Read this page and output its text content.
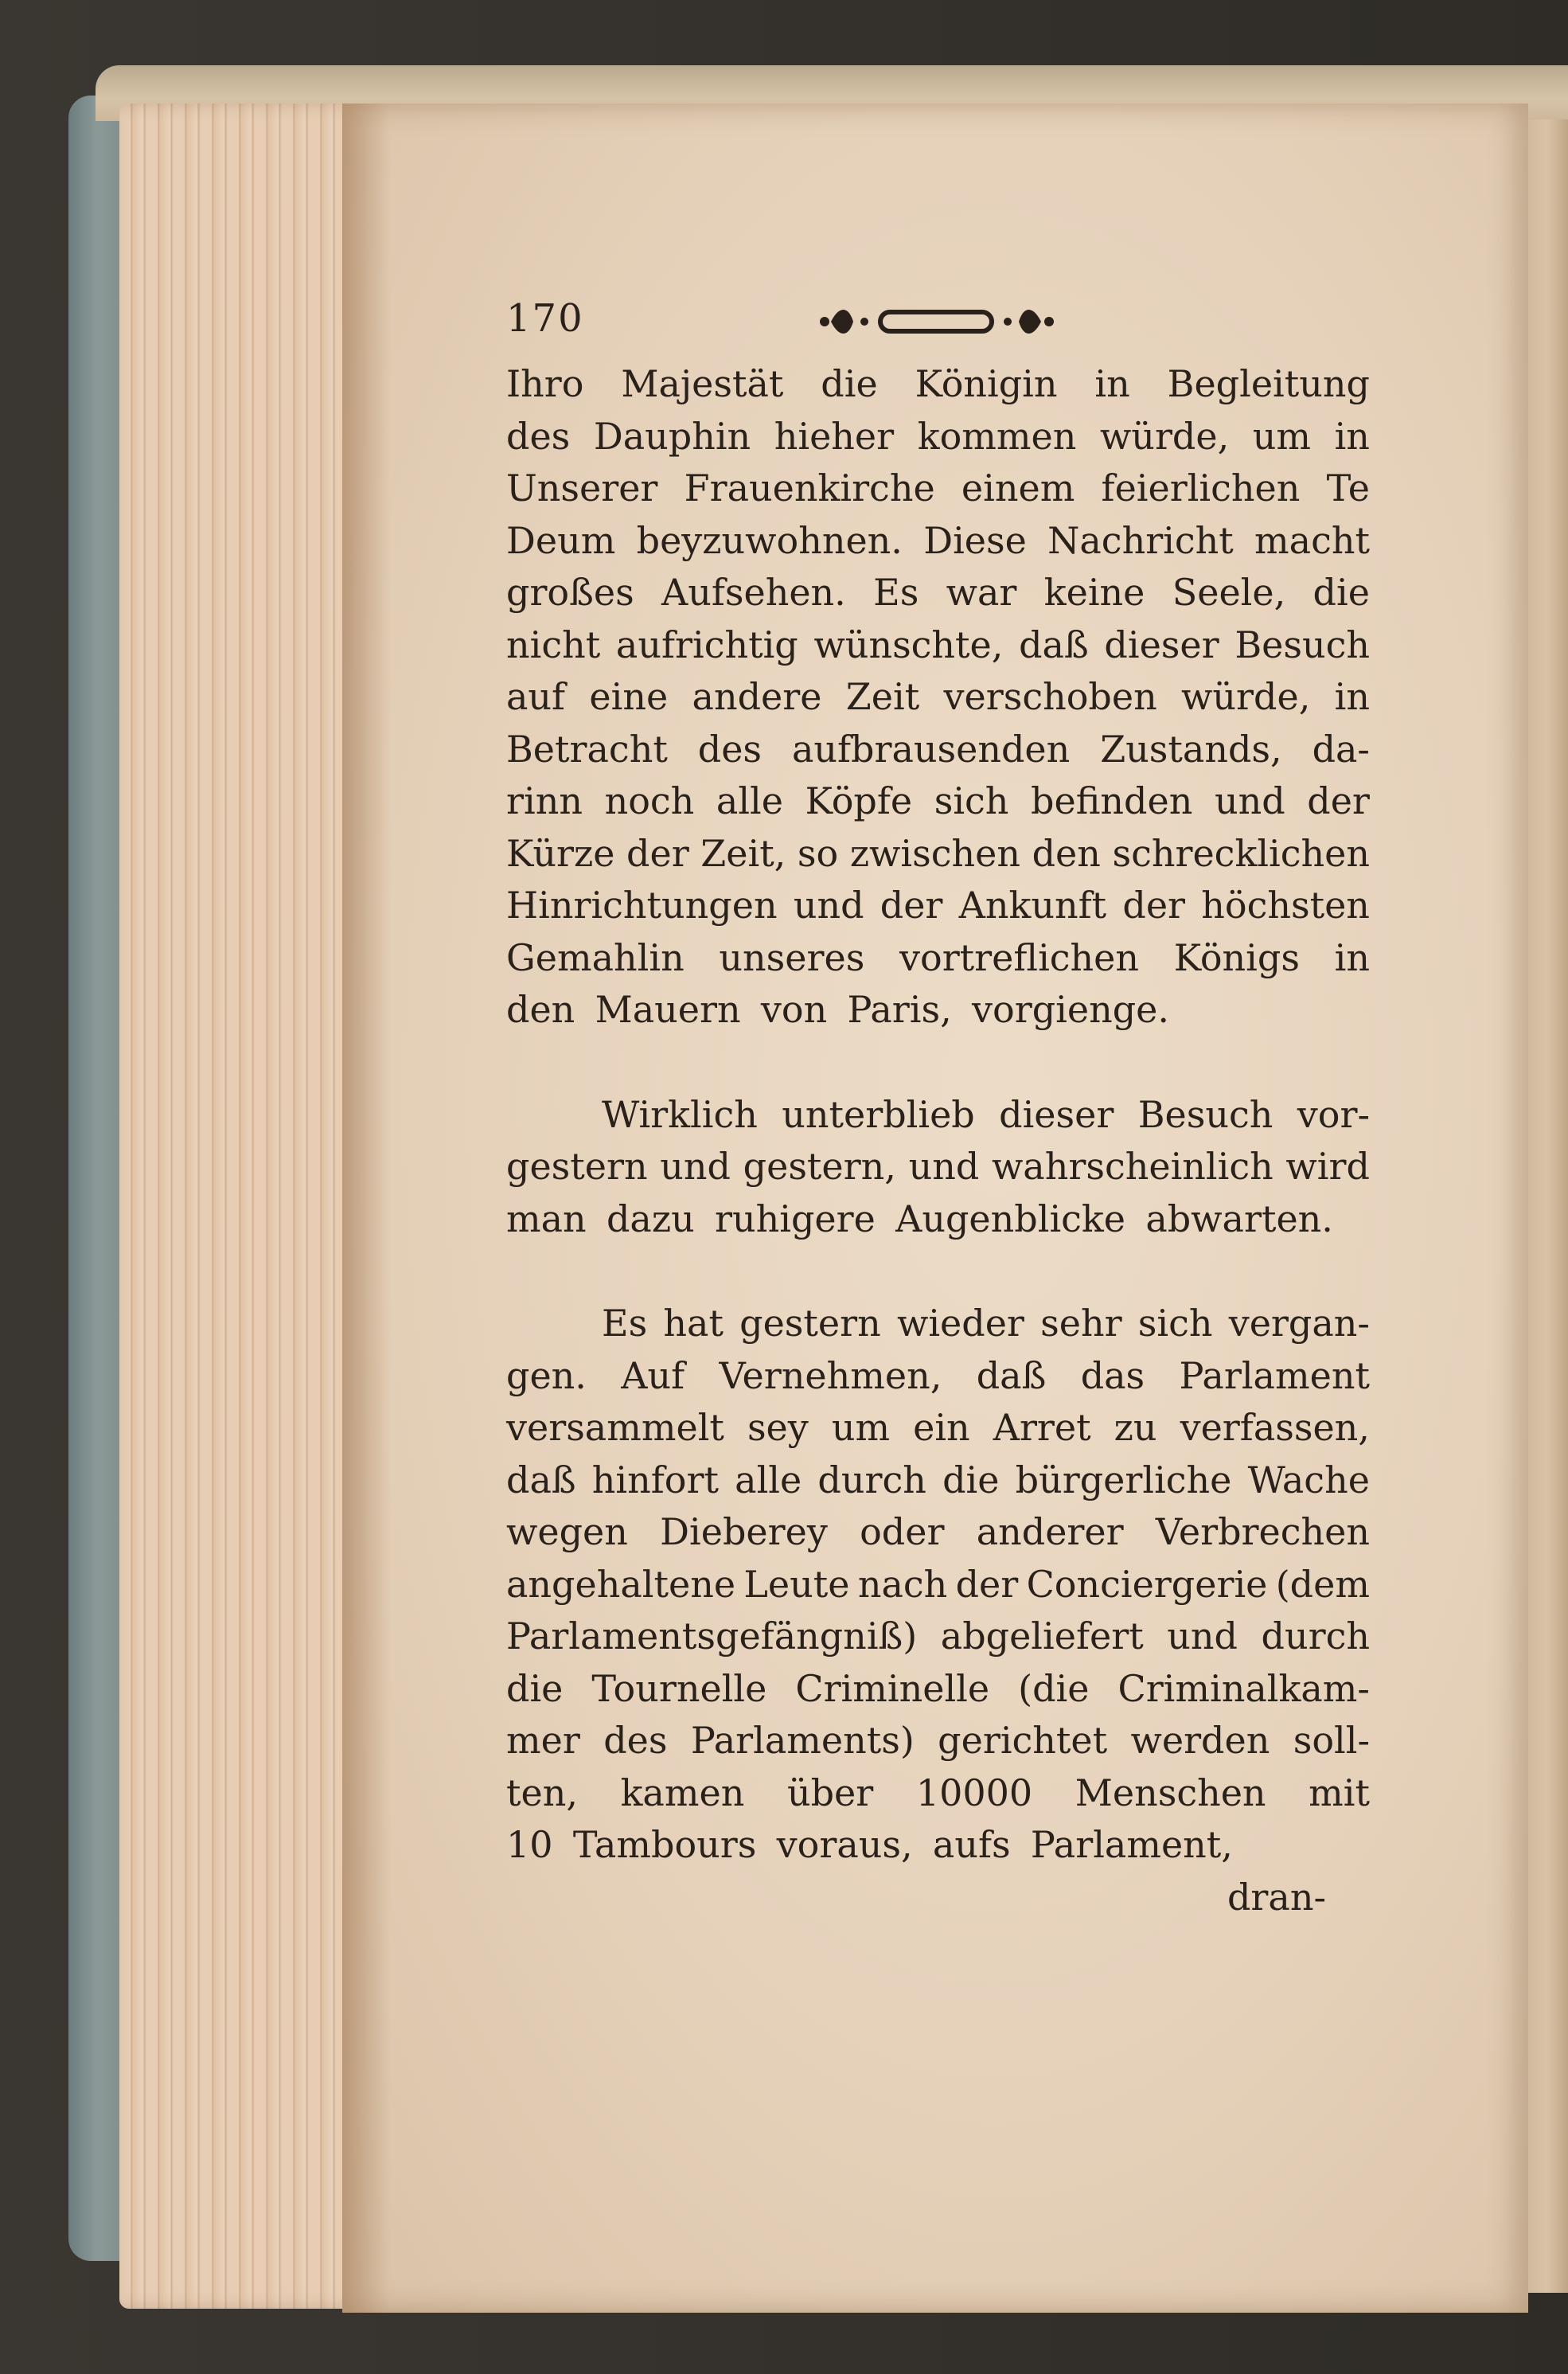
170
Ihro Majestät die Königin in Begleitung
des Dauphin hieher kommen würde, um in
Unserer Frauenkirche einem feierlichen Te
Deum beyzuwohnen. Diese Nachricht macht
großes Aufsehen. Es war keine Seele, die
nicht aufrichtig wünschte, daß dieser Besuch
auf eine andere Zeit verschoben würde, in
Betracht des aufbrausenden Zustands, da-
rinn noch alle Köpfe sich befinden und der
Kürze der Zeit, so zwischen den schrecklichen
Hinrichtungen und der Ankunft der höchsten
Gemahlin unseres vortreflichen Königs in
den Mauern von Paris, vorgienge.
Wirklich unterblieb dieser Besuch vor-
gestern und gestern, und wahrscheinlich wird
man dazu ruhigere Augenblicke abwarten.
Es hat gestern wieder sehr sich vergan-
gen. Auf Vernehmen, daß das Parlament
versammelt sey um ein Arret zu verfassen,
daß hinfort alle durch die bürgerliche Wache
wegen Dieberey oder anderer Verbrechen
angehaltene Leute nach der Conciergerie (dem
Parlamentsgefängniß) abgeliefert und durch
die Tournelle Criminelle (die Criminalkam-
mer des Parlaments) gerichtet werden soll-
ten, kamen über 10000 Menschen mit
10 Tambours voraus, aufs Parlament,
dran-
